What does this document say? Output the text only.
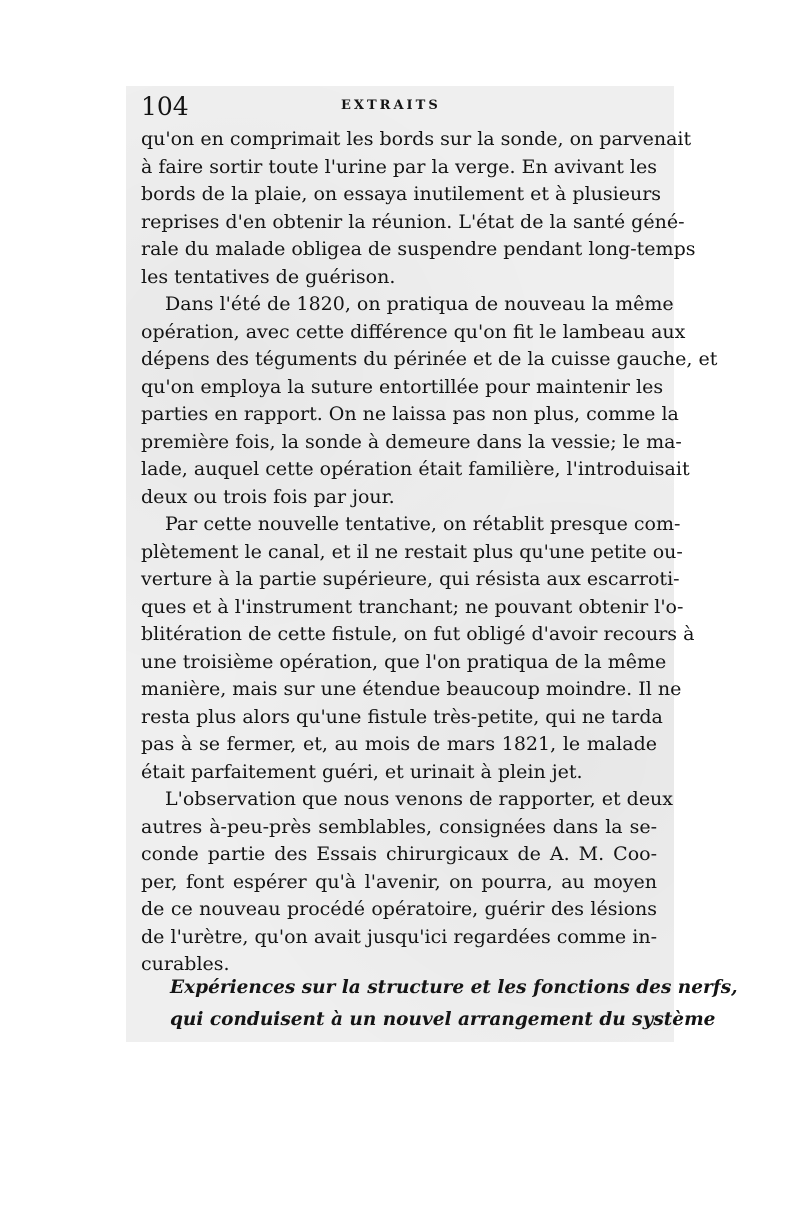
104	EXTRAITS
qu'on en comprimait les bords sur la sonde, on parvenait
à faire sortir toute l'urine par la verge. En avivant les
bords de la plaie, on essaya inutilement et à plusieurs
reprises d'en obtenir la réunion. L'état de la santé géné-
rale du malade obligea de suspendre pendant long-temps
les tentatives de guérison.
Dans l'été de 1820, on pratiqua de nouveau la même
opération, avec cette différence qu'on fit le lambeau aux
dépens des téguments du périnée et de la cuisse gauche, et
qu'on employa la suture entortillée pour maintenir les
parties en rapport. On ne laissa pas non plus, comme la
première fois, la sonde à demeure dans la vessie; le ma-
lade, auquel cette opération était familière, l'introduisait
deux ou trois fois par jour.
Par cette nouvelle tentative, on rétablit presque com-
plètement le canal, et il ne restait plus qu'une petite ou-
verture à la partie supérieure, qui résista aux escarroti-
ques et à l'instrument tranchant; ne pouvant obtenir l'o-
blitération de cette fistule, on fut obligé d'avoir recours à
une troisième opération, que l'on pratiqua de la même
manière, mais sur une étendue beaucoup moindre. Il ne
resta plus alors qu'une fistule très-petite, qui ne tarda
pas à se fermer, et, au mois de mars 1821, le malade
était parfaitement guéri, et urinait à plein jet.
L'observation que nous venons de rapporter, et deux
autres à-peu-près semblables, consignées dans la se-
conde partie des Essais chirurgicaux de A. M. Coo-
per, font espérer qu'à l'avenir, on pourra, au moyen
de ce nouveau procédé opératoire, guérir des lésions
de l'urètre, qu'on avait jusqu'ici regardées comme in-
curables.
Expériences sur la structure et les fonctions des nerfs,
qui conduisent à un nouvel arrangement du système
